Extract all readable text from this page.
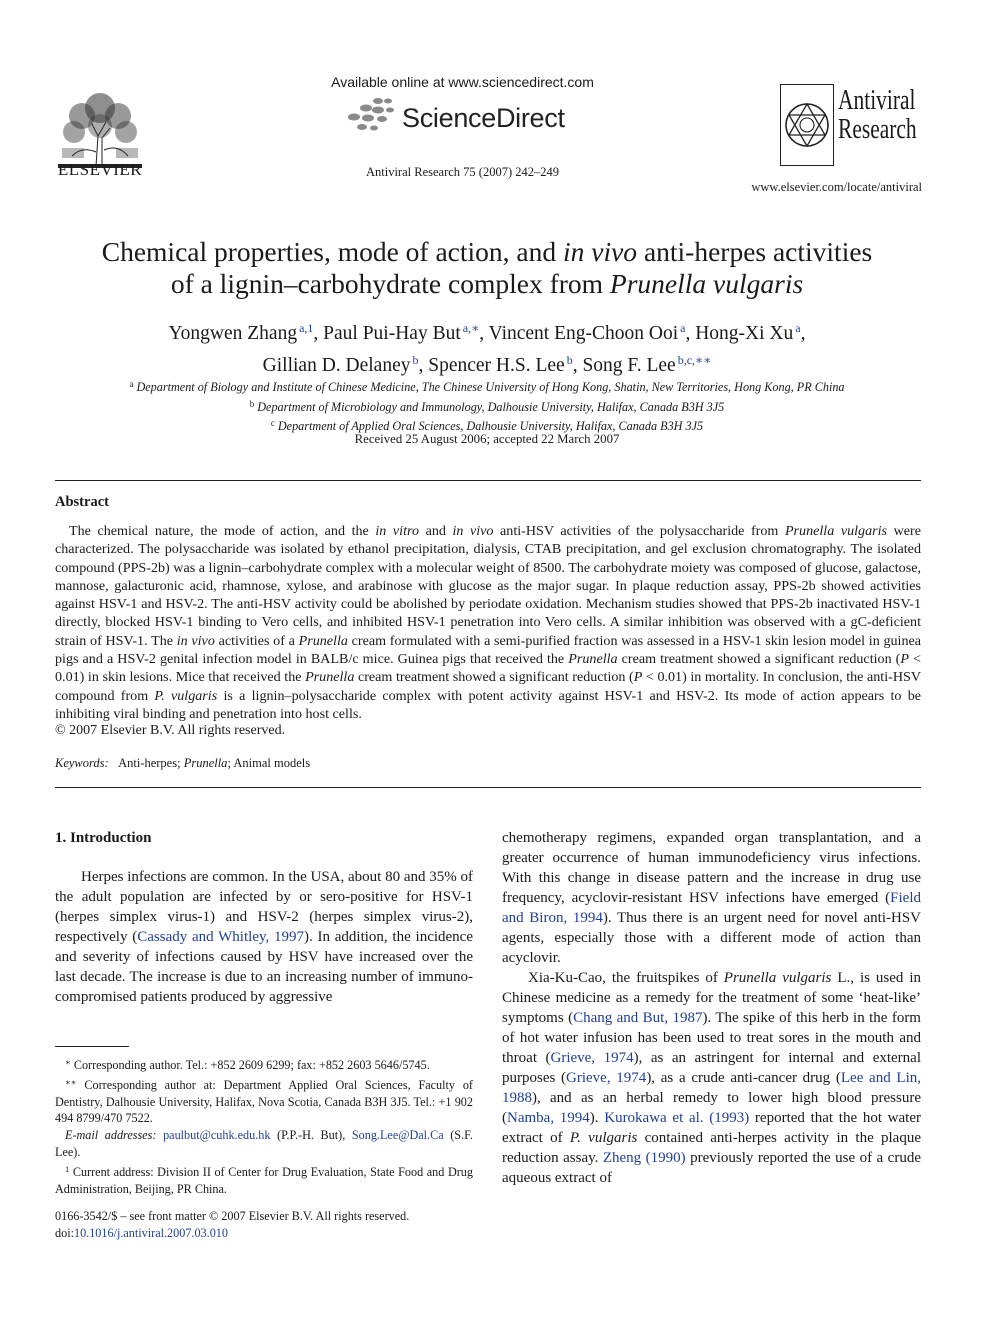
ELSEVIER
Available online at www.sciencedirect.com
ScienceDirect
Antiviral Research 75 (2007) 242–249
Antiviral
Research
www.elsevier.com/locate/antiviral
Chemical properties, mode of action, and in vivo anti-herpes activities
of a lignin–carbohydrate complex from Prunella vulgaris
Yongwen Zhang $^{a,1}$, Paul Pui-Hay But $^{a,∗}$, Vincent Eng-Choon Ooi $^a$, Hong-Xi Xu $^a$,
Gillian D. Delaney $^b$, Spencer H.S. Lee $^b$, Song F. Lee $^{b,c,∗∗}$
$^a$ Department of Biology and Institute of Chinese Medicine, The Chinese University of Hong Kong, Shatin, New Territories, Hong Kong, PR China
$^b$ Department of Microbiology and Immunology, Dalhousie University, Halifax, Canada B3H 3J5
$^c$ Department of Applied Oral Sciences, Dalhousie University, Halifax, Canada B3H 3J5
Received 25 August 2006; accepted 22 March 2007
Abstract

The chemical nature, the mode of action, and the in vitro and in vivo anti-HSV activities of the polysaccharide from Prunella vulgaris were characterized. The polysaccharide was isolated by ethanol precipitation, dialysis, CTAB precipitation, and gel exclusion chromatography. The isolated compound (PPS-2b) was a lignin–carbohydrate complex with a molecular weight of 8500. The carbohydrate moiety was composed of glucose, galactose, mannose, galacturonic acid, rhamnose, xylose, and arabinose with glucose as the major sugar. In plaque reduction assay, PPS-2b showed activities against HSV-1 and HSV-2. The anti-HSV activity could be abolished by periodate oxidation. Mechanism studies showed that PPS-2b inactivated HSV-1 directly, blocked HSV-1 binding to Vero cells, and inhibited HSV-1 penetration into Vero cells. A similar inhibition was observed with a gC-deficient strain of HSV-1. The in vivo activities of a Prunella cream formulated with a semi-purified fraction was assessed in a HSV-1 skin lesion model in guinea pigs and a HSV-2 genital infection model in BALB/c mice. Guinea pigs that received the Prunella cream treatment showed a significant reduction (P < 0.01) in skin lesions. Mice that received the Prunella cream treatment showed a significant reduction (P < 0.01) in mortality. In conclusion, the anti-HSV compound from P. vulgaris is a lignin–polysaccharide complex with potent activity against HSV-1 and HSV-2. Its mode of action appears to be inhibiting viral binding and penetration into host cells.

© 2007 Elsevier B.V. All rights reserved.
Keywords: Anti-herpes; Prunella; Animal models
1. Introduction

Herpes infections are common. In the USA, about 80 and 35% of the adult population are infected by or sero-positive for HSV-1 (herpes simplex virus-1) and HSV-2 (herpes simplex virus-2), respectively (Cassady and Whitley, 1997). In addition, the incidence and severity of infections caused by HSV have increased over the last decade. The increase is due to an increasing number of immuno-compromised patients produced by aggressive

∗ Corresponding author. Tel.: +852 2609 6299; fax: +852 2603 5646/5745.

∗∗ Corresponding author at: Department Applied Oral Sciences, Faculty of Dentistry, Dalhousie University, Halifax, Nova Scotia, Canada B3H 3J5. Tel.: +1 902 494 8799/470 7522.

E-mail addresses: paulbut@cuhk.edu.hk (P.P.-H. But), Song.Lee@Dal.Ca (S.F. Lee).

$^1$ Current address: Division II of Center for Drug Evaluation, State Food and Drug Administration, Beijing, PR China.

0166-3542/$ – see front matter © 2007 Elsevier B.V. All rights reserved.
doi:10.1016/j.antiviral.2007.03.010

chemotherapy regimens, expanded organ transplantation, and a greater occurrence of human immunodeficiency virus infections. With this change in disease pattern and the increase in drug use frequency, acyclovir-resistant HSV infections have emerged (Field and Biron, 1994). Thus there is an urgent need for novel anti-HSV agents, especially those with a different mode of action than acyclovir.

Xia-Ku-Cao, the fruitspikes of Prunella vulgaris L., is used in Chinese medicine as a remedy for the treatment of some ‘heat-like’ symptoms (Chang and But, 1987). The spike of this herb in the form of hot water infusion has been used to treat sores in the mouth and throat (Grieve, 1974), as an astringent for internal and external purposes (Grieve, 1974), as a crude anti-cancer drug (Lee and Lin, 1988), and as an herbal remedy to lower high blood pressure (Namba, 1994). Kurokawa et al. (1993) reported that the hot water extract of P. vulgaris contained anti-herpes activity in the plaque reduction assay. Zheng (1990) previously reported the use of a crude aqueous extract of
